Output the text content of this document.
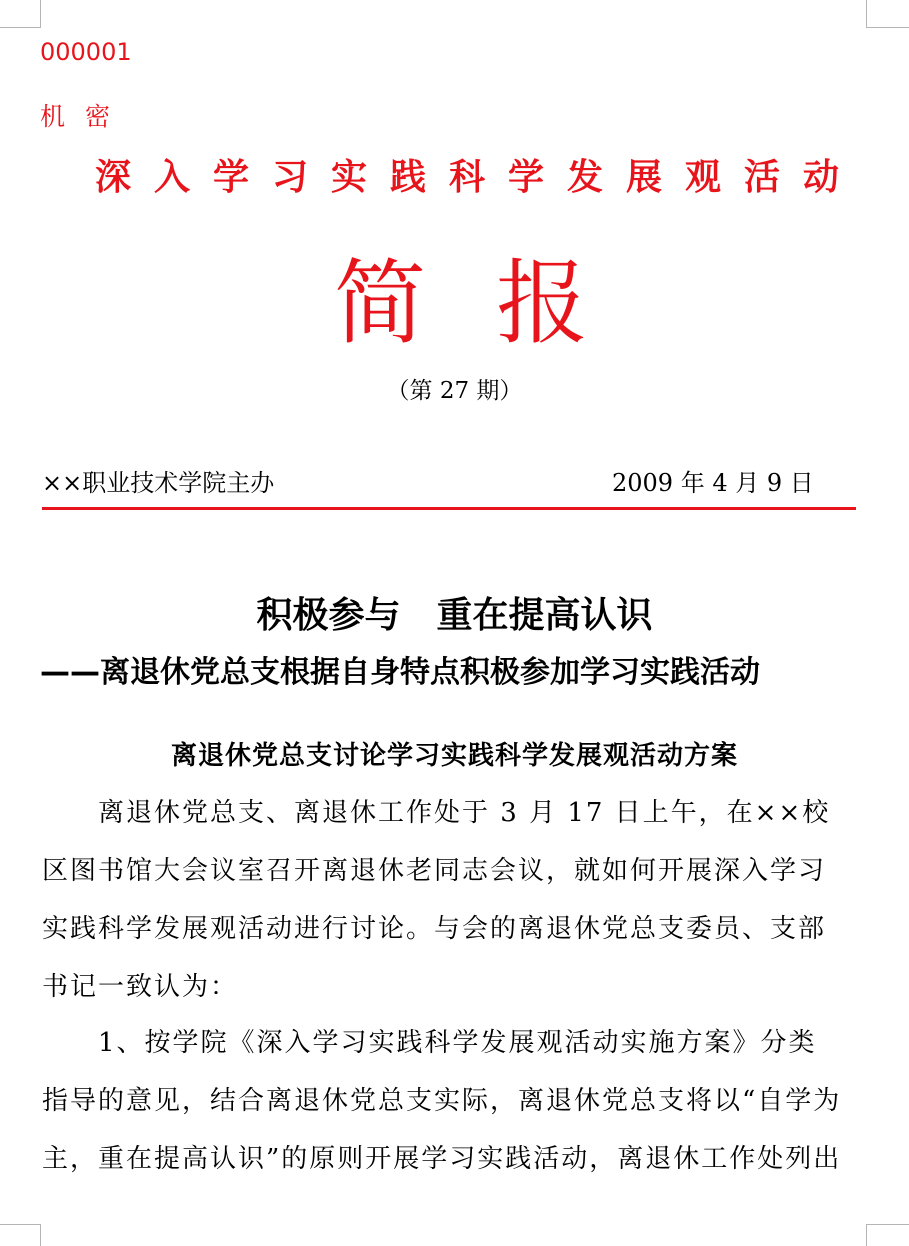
000001
机密
深入学习实践科学发展观活动
简报
（第 27 期）
××职业技术学院主办	2009 年 4 月 9 日
积极参与　重在提高认识
——离退休党总支根据自身特点积极参加学习实践活动
离退休党总支讨论学习实践科学发展观活动方案
离退休党总支、离退休工作处于 3 月 17 日上午，在××校
区图书馆大会议室召开离退休老同志会议，就如何开展深入学习
实践科学发展观活动进行讨论。与会的离退休党总支委员、支部
书记一致认为：
1、按学院《深入学习实践科学发展观活动实施方案》分类
指导的意见，结合离退休党总支实际，离退休党总支将以“自学为
主，重在提高认识”的原则开展学习实践活动，离退休工作处列出
